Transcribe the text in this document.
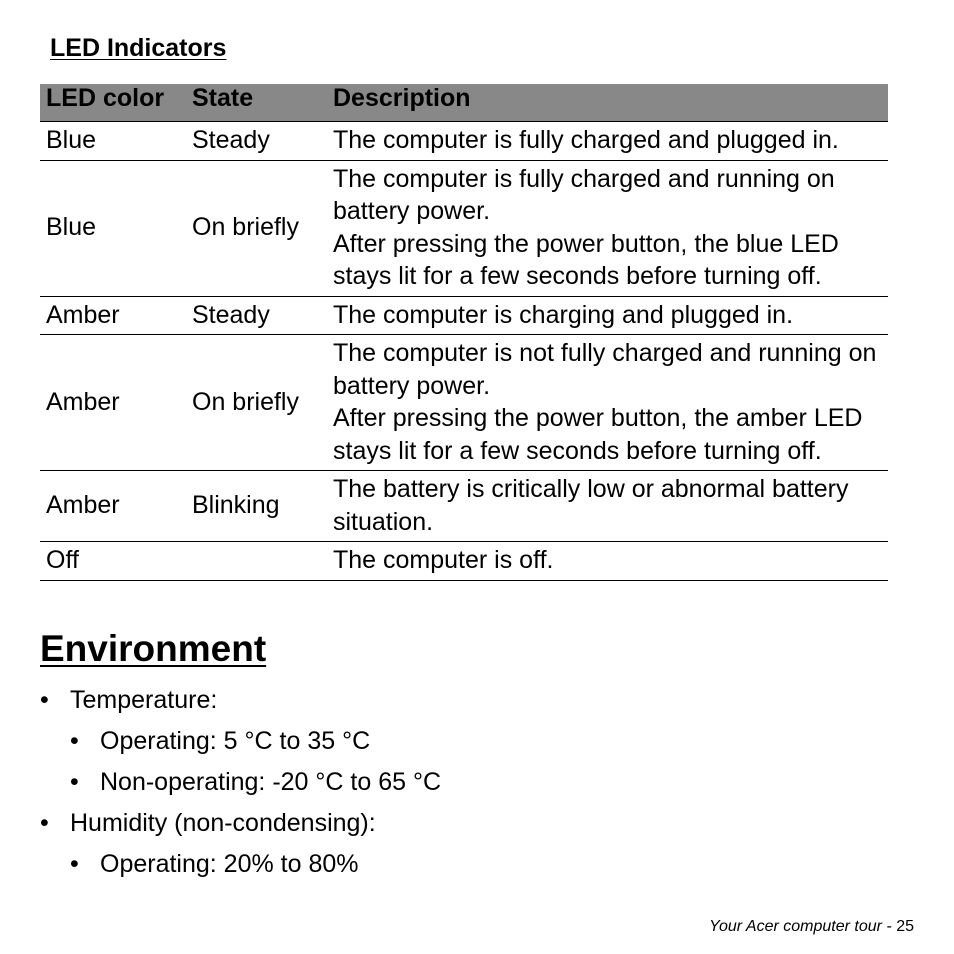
LED Indicators
LED color	State	Description
Blue	Steady	The computer is fully charged and plugged in.

Blue	On briefly	The computer is fully charged and running on battery power.
After pressing the power button, the blue LED stays lit for a few seconds before turning off.

Amber	Steady	The computer is charging and plugged in.

Amber	On briefly	The computer is not fully charged and running on battery power.
After pressing the power button, the amber LED stays lit for a few seconds before turning off.

Amber	Blinking	The battery is critically low or abnormal battery situation.

Off		The computer is off.
Environment
• Temperature:
• Operating: 5 °C to 35 °C
• Non-operating: -20 °C to 65 °C
• Humidity (non-condensing):
• Operating: 20% to 80%
Your Acer computer tour - 25
